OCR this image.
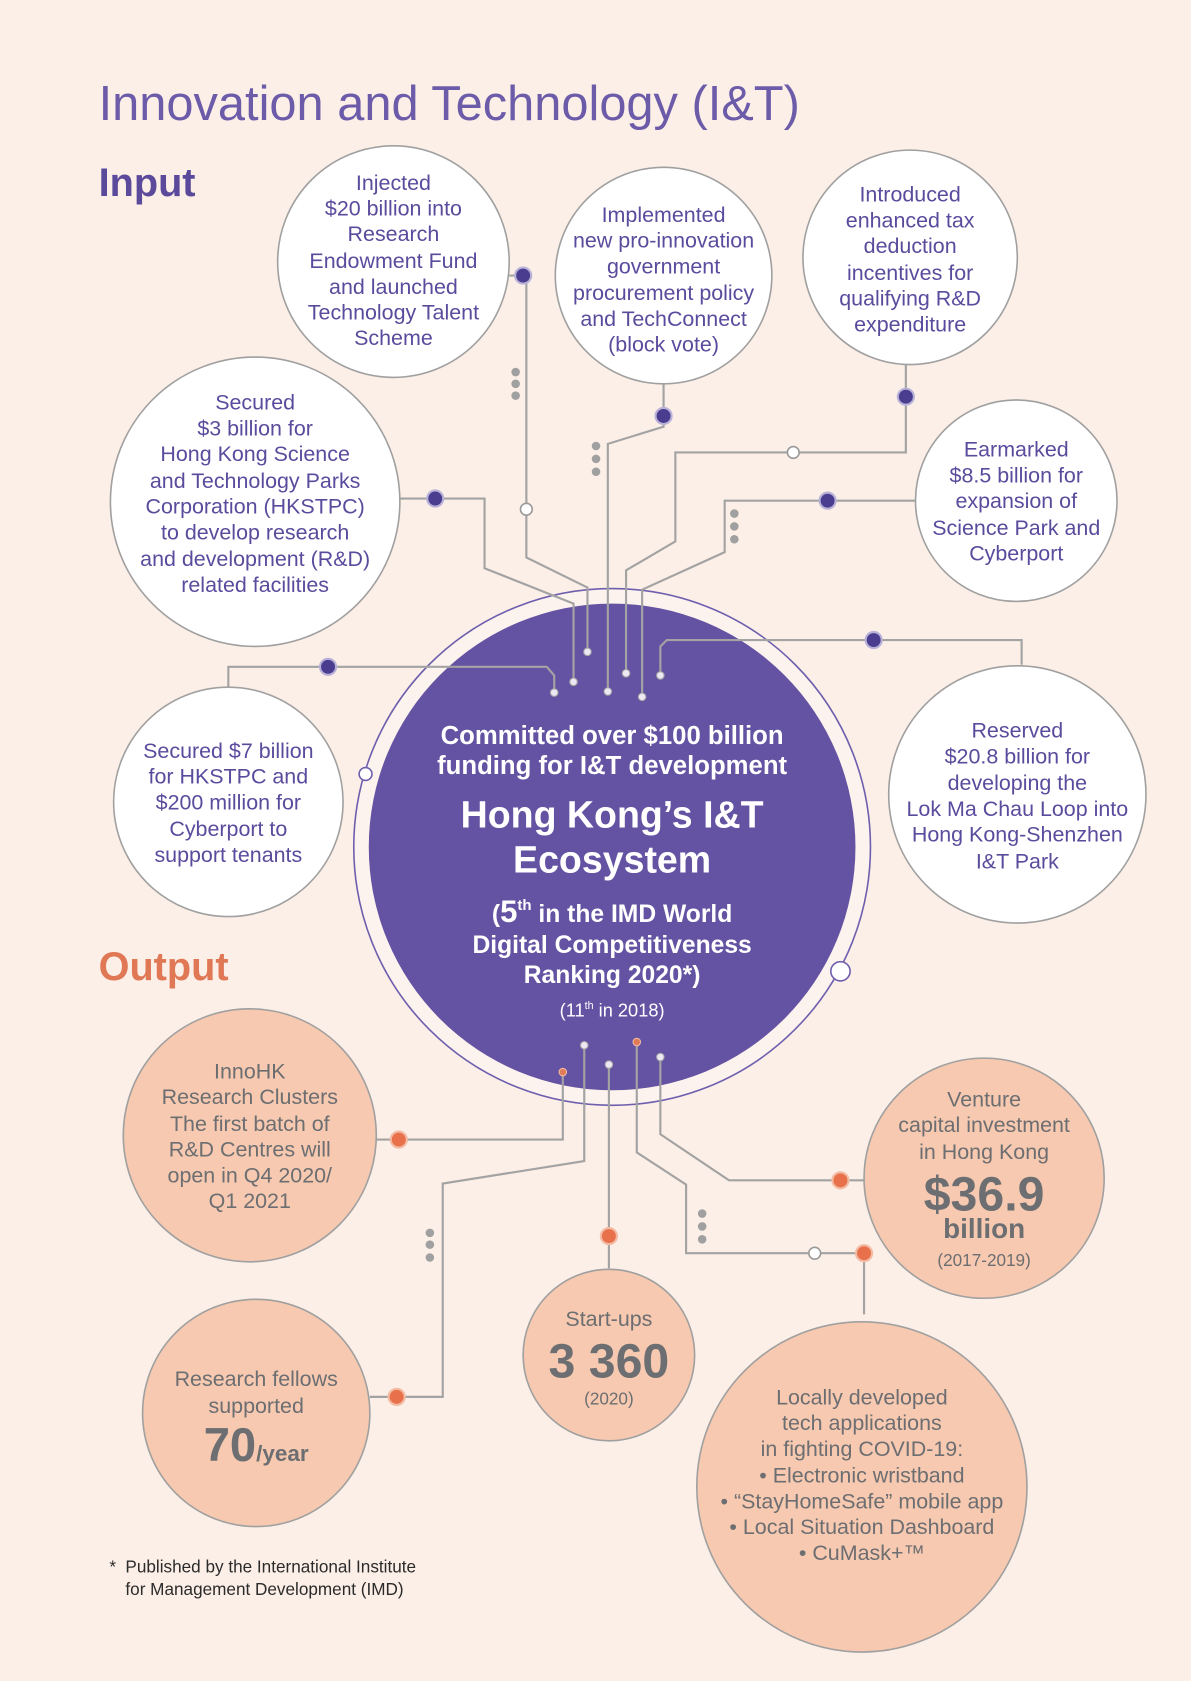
Innovation and Technology (I&T)
Input
Output
Injected
$20 billion into
Research
Endowment Fund
and launched
Technology Talent
Scheme
Implemented
new pro-innovation
government
procurement policy
and TechConnect
(block vote)
Introduced
enhanced tax
deduction
incentives for
qualifying R&D
expenditure
Secured
$3 billion for
Hong Kong Science
and Technology Parks
Corporation (HKSTPC)
to develop research
and development (R&D)
related facilities
Earmarked
$8.5 billion for
expansion of
Science Park and
Cyberport
Secured $7 billion
for HKSTPC and
$200 million for
Cyberport to
support tenants
Reserved
$20.8 billion for
developing the
Lok Ma Chau Loop into
Hong Kong-Shenzhen
I&T Park
Committed over $100 billion
funding for I&T development
Hong Kong’s I&T
Ecosystem
(5th in the IMD World
Digital Competitiveness
Ranking 2020*)
(11th in 2018)
InnoHK
Research Clusters
The first batch of
R&D Centres will
open in Q4 2020/
Q1 2021
Venture
capital investment
in Hong Kong
$36.9
billion
(2017-2019)
Research fellows
supported
70/year
Start-ups
3 360
(2020)	Locally developed
tech applications
in fighting COVID-19:
• Electronic wristband
• “StayHomeSafe” mobile app
• Local Situation Dashboard
• CuMask+™
* Published by the International Institute
for Management Development (IMD)
